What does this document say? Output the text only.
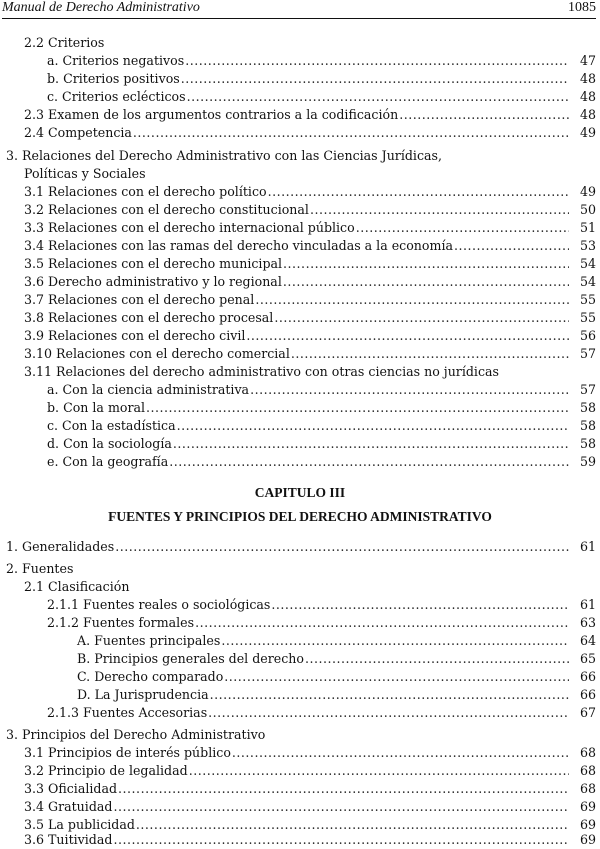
Manual de Derecho Administrativo	1085
2.2 Criterios
a. Criterios negativos .....	47
b. Criterios positivos .....	48
c. Criterios eclécticos .....	48
2.3 Examen de los argumentos contrarios a la codificación .....	48
2.4 Competencia .....	49
3. Relaciones del Derecho Administrativo con las Ciencias Jurídicas,
Políticas y Sociales
3.1 Relaciones con el derecho político .....	49
3.2 Relaciones con el derecho constitucional .....	50
3.3 Relaciones con el derecho internacional público .....	51
3.4 Relaciones con las ramas del derecho vinculadas a la economía .....	53
3.5 Relaciones con el derecho municipal .....	54
3.6 Derecho administrativo y lo regional .....	54
3.7 Relaciones con el derecho penal .....	55
3.8 Relaciones con el derecho procesal .....	55
3.9 Relaciones con el derecho civil .....	56
3.10 Relaciones con el derecho comercial .....	57
3.11 Relaciones del derecho administrativo con otras ciencias no jurídicas
a. Con la ciencia administrativa .....	57
b. Con la moral .....	58
c. Con la estadística .....	58
d. Con la sociología .....	58
e. Con la geografía .....	59
CAPITULO III
FUENTES Y PRINCIPIOS DEL DERECHO ADMINISTRATIVO
1. Generalidades .....	61
2. Fuentes
2.1 Clasificación
2.1.1 Fuentes reales o sociológicas .....	61
2.1.2 Fuentes formales .....	63
A. Fuentes principales .....	64
B. Principios generales del derecho .....	65
C. Derecho comparado .....	66
D. La Jurisprudencia .....	66
2.1.3 Fuentes Accesorias .....	67
3. Principios del Derecho Administrativo
3.1 Principios de interés público .....	68
3.2 Principio de legalidad .....	68
3.3 Oficialidad .....	68
3.4 Gratuidad .....	69
3.5 La publicidad .....	69
3.6 Tuitividad .....	69
